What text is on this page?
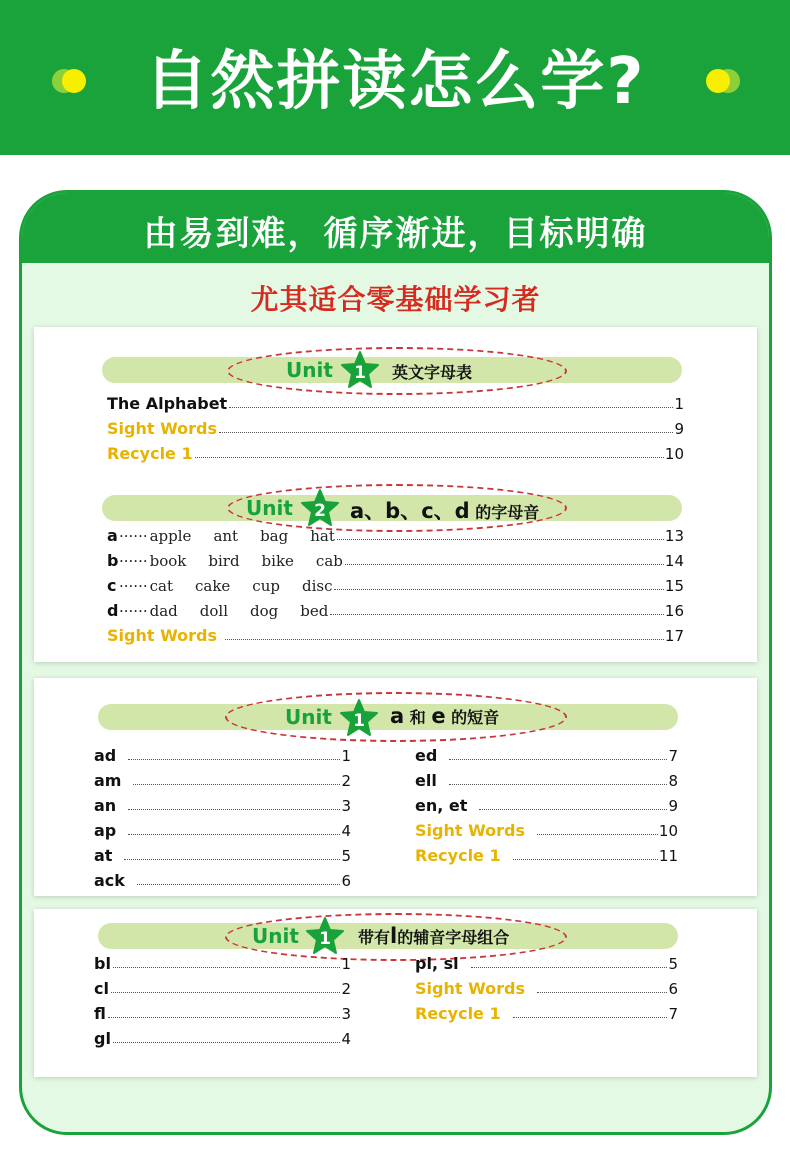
自然拼读怎么学?
由易到难，循序渐进，目标明确
尤其适合零基础学习者
Unit 1 英文字母表
The Alphabet	1
Sight Words	9
Recycle 1	10
Unit 2 a、b、c、d 的字母音
a ······ apple ant bag hat	13
b ······ book bird bike cab	14
c ······ cat cake cup disc	15
d ······ dad doll dog bed	16
Sight Words	17
Unit 1 a 和 e 的短音
ad	1
am	2
an	3
ap	4
at	5
ack	6
ed	7
ell	8
en, et	9
Sight Words	10
Recycle 1	11
Unit 1 带有l的辅音字母组合
bl	1
cl	2
fl	3
gl	4
pl, sl	5
Sight Words	6
Recycle 1	7
